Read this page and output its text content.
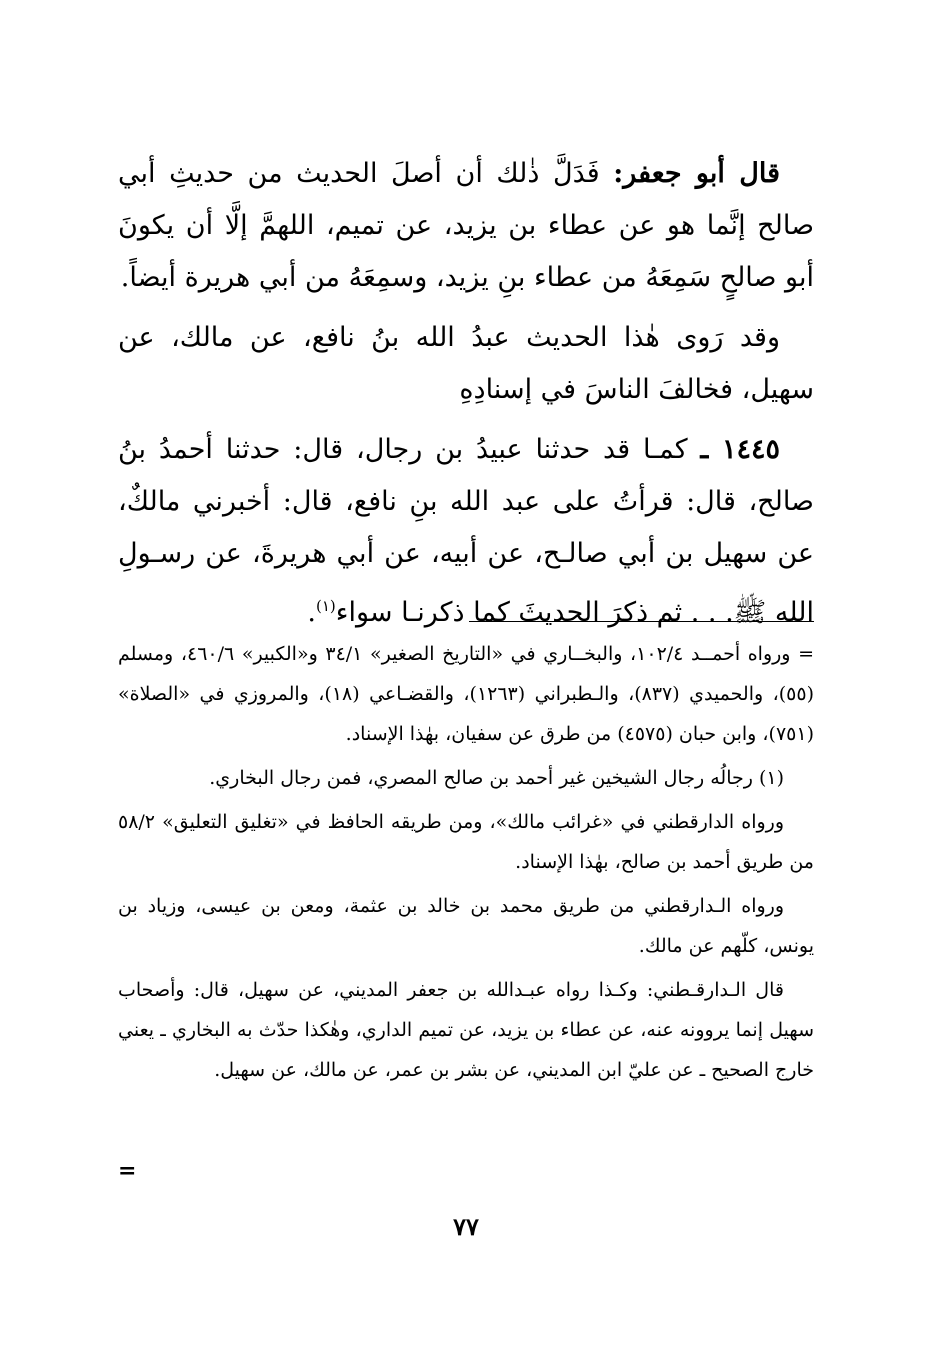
قال أبو جعفر: فَدَلَّ ذٰلك أن أصلَ الحديث من حديثِ أبي صالح إنَّما هو عن عطاء بن يزيد، عن تميم، اللهمَّ إلَّا أن يكونَ أبو صالحٍ سَمِعَهُ من عطاء بنِ يزيد، وسمِعَهُ من أبي هريرة أيضاً.

وقد رَوى هٰذا الحديث عبدُ الله بنُ نافع، عن مالك، عن سهيل، فخالفَ الناسَ في إسنادِهِ

١٤٤٥ ـ كمـا قد حدثنا عبيدُ بن رجال، قال: حدثنا أحمدُ بنُ صالح، قال: قرأتُ على عبد الله بنِ نافع، قال: أخبرني مالكٌ، عن سهيل بن أبي صالـح، عن أبيه، عن أبي هريرةَ، عن رسـولِ الله ﷺ. . . ثم ذكرَ الحديثَ كما ذكرنـا سواء$^{(١)}$.

= ورواه أحمــد ١٠٢/٤، والبخــاري في «التاريخ الصغير» ٣٤/١ و«الكبير» ٤٦٠/٦، ومسلم (٥٥)، والحميدي (٨٣٧)، والـطبراني (١٢٦٣)، والقضـاعي (١٨)، والمروزي في «الصلاة» (٧٥١)، وابن حبان (٤٥٧٥) من طرق عن سفيان، بهٰذا الإسناد.

(١) رجالُه رجال الشيخين غير أحمد بن صالح المصري، فمن رجال البخاري.

ورواه الدارقطني في «غرائب مالك»، ومن طريقه الحافظ في «تغليق التعليق» ٥٨/٢ من طريق أحمد بن صالح، بهٰذا الإسناد.

ورواه الـدارقطني من طريق محمد بن خالد بن عثمة، ومعن بن عيسى، وزياد بن يونس، كلّهم عن مالك.

قال الـدارقـطني: وكـذا رواه عبـدالله بن جعفر المديني، عن سهيل، قال: وأصحاب سهيل إنما يروونه عنه، عن عطاء بن يزيد، عن تميم الداري، وهٰكذا حدّث به البخاري ـ يعني خارج الصحيح ـ عن عليّ ابن المديني، عن بشر بن عمر، عن مالك، عن سهيل.

=
٧٧
